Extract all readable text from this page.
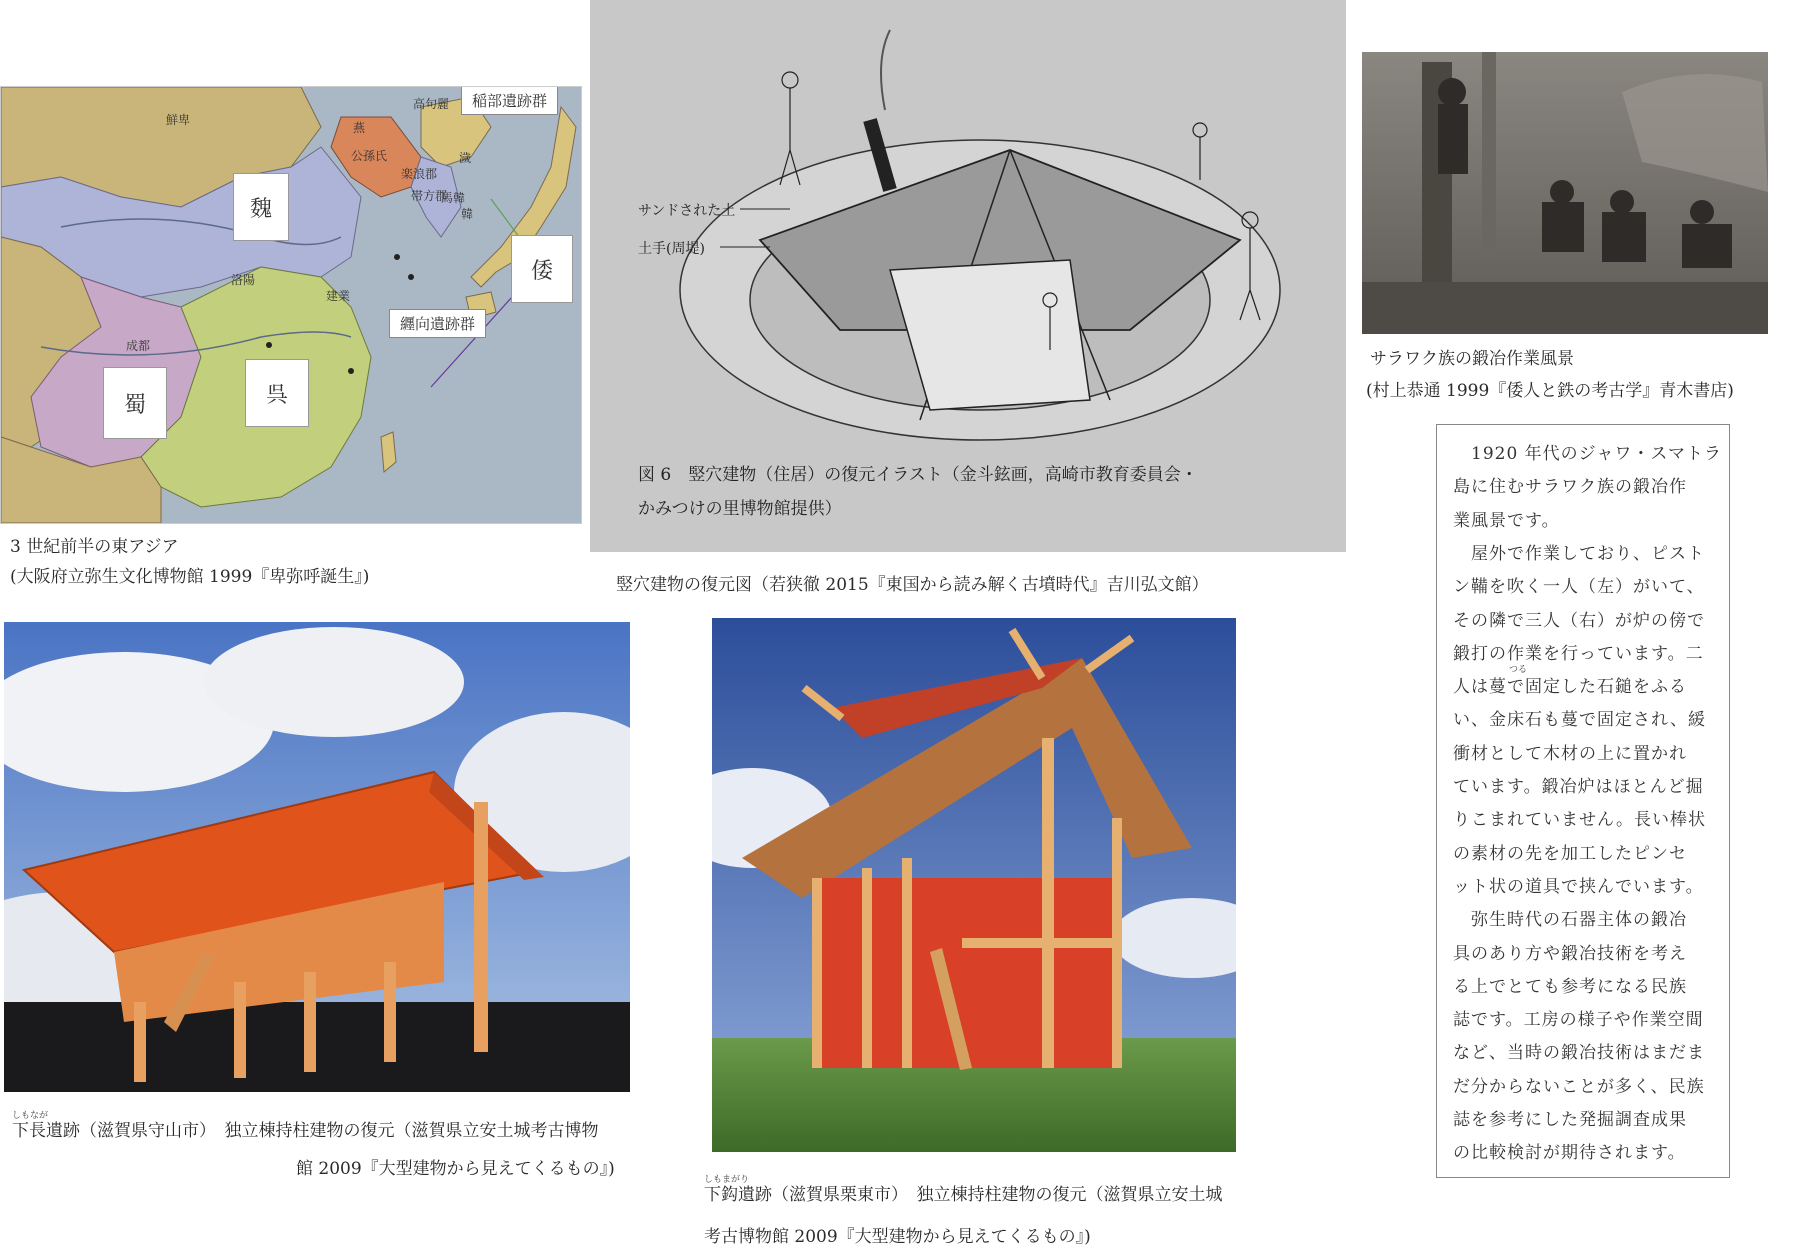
鮮卑
高句麗
燕
公孫氏
楽浪郡
帯方郡
濊
馬韓
韓
洛陽
成都
建業
魏
倭
蜀	呉
稲部遺跡群
纒向遺跡群
3 世紀前半の東アジア
(大阪府立弥生文化博物館 1999『卑弥呼誕生』)
サンドされた土
土手(周堤)
図 6　竪穴建物（住居）の復元イラスト（金斗鉉画，高崎市教育委員会・
かみつけの里博物館提供）
竪穴建物の復元図（若狭徹 2015『東国から読み解く古墳時代』吉川弘文館）
サラワク族の鍛冶作業風景
(村上恭通 1999『倭人と鉄の考古学』青木書店)
　1920 年代のジャワ・スマトラ
島に住むサラワク族の鍛冶作
業風景です。
　屋外で作業しており、ピスト
ン鞴を吹く一人（左）がいて、
その隣で三人（右）が炉の傍で
鍛打の作業を行っています。二
人は蔓で固定した石鎚をふる
い、金床石も蔓で固定され、緩
衝材として木材の上に置かれ
ています。鍛冶炉はほとんど掘
りこまれていません。長い棒状
の素材の先を加工したピンセ
ット状の道具で挟んでいます。
　弥生時代の石器主体の鍛冶
具のあり方や鍛冶技術を考え
る上でとても参考になる民族
誌です。工房の様子や作業空間
など、当時の鍛冶技術はまだま
だ分からないことが多く、民族
誌を参考にした発掘調査成果
の比較検討が期待されます。
つる
しもなが
下長遺跡（滋賀県守山市）　独立棟持柱建物の復元（滋賀県立安土城考古博物
館 2009『大型建物から見えてくるもの』)
しもまがり
下鈎遺跡（滋賀県栗東市）　独立棟持柱建物の復元（滋賀県立安土城
考古博物館 2009『大型建物から見えてくるもの』)
